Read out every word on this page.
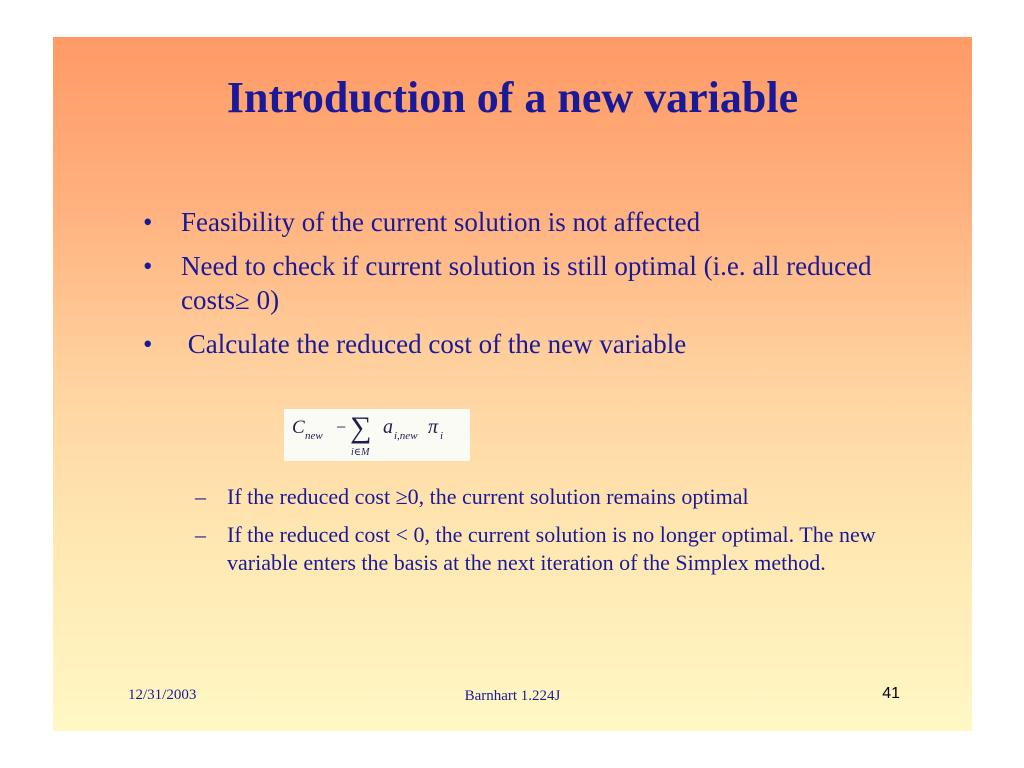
Introduction of a new variable
• Feasibility of the current solution is not affected
• Need to check if current solution is still optimal (i.e. all reduced costs≥ 0)
• Calculate the reduced cost of the new variable
C new − ∑
i∈M
a i,new π i
– If the reduced cost ≥0, the current solution remains optimal
– If the reduced cost < 0, the current solution is no longer optimal. The new variable enters the basis at the next iteration of the Simplex method.
12/31/2003	Barnhart 1.224J	41
